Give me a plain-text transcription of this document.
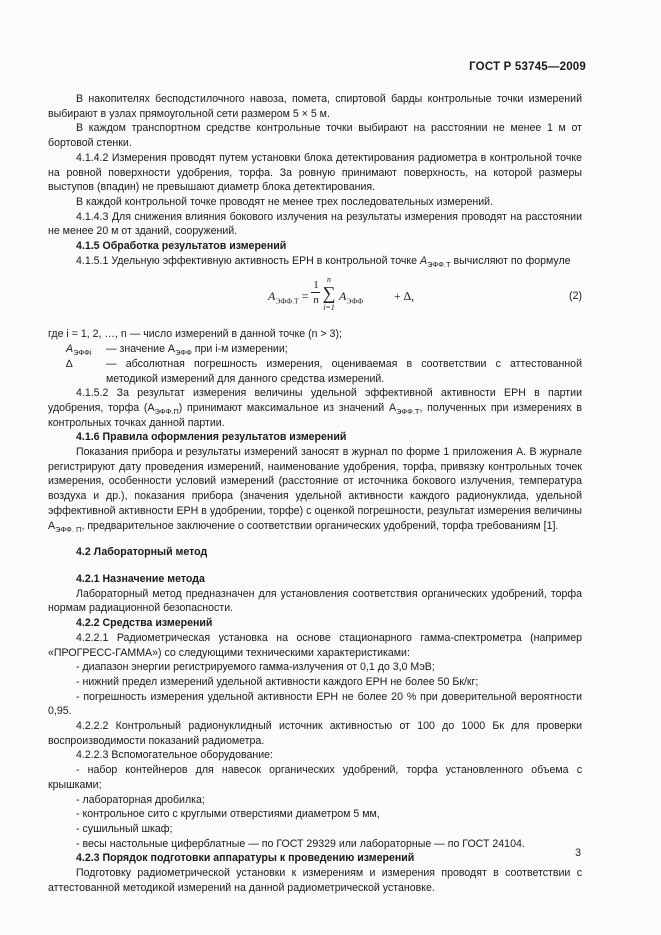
ГОСТ Р 53745—2009

В накопителях бесподстилочного навоза, помета, спиртовой барды контрольные точки измерений выбирают в узлах прямоугольной сети размером 5 × 5 м.

В каждом транспортном средстве контрольные точки выбирают на расстоянии не менее 1 м от бортовой стенки.

4.1.4.2 Измерения проводят путем установки блока детектирования радиометра в контрольной точке на ровной поверхности удобрения, торфа. За ровную принимают поверхность, на которой размеры выступов (впадин) не превышают диаметр блока детектирования.

В каждой контрольной точке проводят не менее трех последовательных измерений.

4.1.4.3 Для снижения влияния бокового излучения на результаты измерения проводят на расстоянии не менее 20 м от зданий, сооружений.

4.1.5 Обработка результатов измерений

4.1.5.1 Удельную эффективную активность ЕРН в контрольной точке $A_{ЭФФ.Т}$ вычисляют по формуле

$A_{ЭФФ.Т}$ =
1
n
n
∑
i=1
$A_{ЭФФ}$	+ ∆,	(2)

где i = 1, 2, …, n — число измерений в данной точке (n > 3);

$A_{ЭФФi}$	— значение $A_{ЭФФ}$ при i-м измерении;
∆	— абсолютная погрешность измерения, оцениваемая в соответствии с аттестованной методикой измерений для данного средства измерений.

4.1.5.2 За результат измерения величины удельной эффективной активности ЕРН в партии удобрения, торфа $(A_{ЭФФ.П})$ принимают максимальное из значений $A_{ЭФФ.Т}$, полученных при измерениях в контрольных точках данной партии.

4.1.6 Правила оформления результатов измерений

Показания прибора и результаты измерений заносят в журнал по форме 1 приложения А. В журнале регистрируют дату проведения измерений, наименование удобрения, торфа, привязку контрольных точек измерения, особенности условий измерений (расстояние от источника бокового излучения, температура воздуха и др.), показания прибора (значения удельной активности каждого радионуклида, удельной эффективной активности ЕРН в удобрении, торфе) с оценкой погрешности, результат измерения величины $A_{ЭФФ. П}$, предварительное заключение о соответствии органических удобрений, торфа требованиям [1].

4.2 Лабораторный метод

4.2.1 Назначение метода

Лабораторный метод предназначен для установления соответствия органических удобрений, торфа нормам радиационной безопасности.

4.2.2 Средства измерений

4.2.2.1 Радиометрическая установка на основе стационарного гамма-спектрометра (например «ПРОГРЕСС-ГАММА») со следующими техническими характеристиками:

- диапазон энергии регистрируемого гамма-излучения от 0,1 до 3,0 МэВ;

- нижний предел измерений удельной активности каждого ЕРН не более 50 Бк/кг;

- погрешность измерения удельной активности ЕРН не более 20 % при доверительной вероятности 0,95.

4.2.2.2 Контрольный радионуклидный источник активностью от 100 до 1000 Бк для проверки воспроизводимости показаний радиометра.

4.2.2.3 Вспомогательное оборудование:

- набор контейнеров для навесок органических удобрений, торфа установленного объема с крышками;

- лабораторная дробилка;

- контрольное сито с круглыми отверстиями диаметром 5 мм,

- сушильный шкаф;

- весы настольные циферблатные — по ГОСТ 29329 или лабораторные — по ГОСТ 24104.

4.2.3 Порядок подготовки аппаратуры к проведению измерений

Подготовку радиометрической установки к измерениям и измерения проводят в соответствии с аттестованной методикой измерений на данной радиометрической установке.

3
